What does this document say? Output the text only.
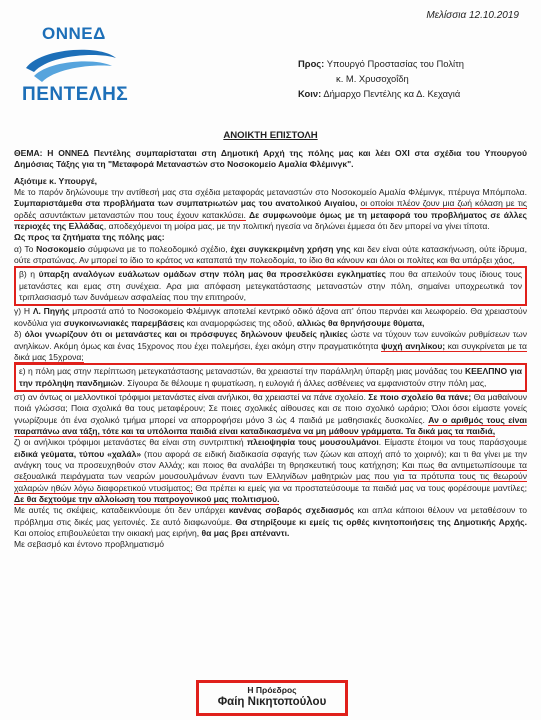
Μελίσσια 12.10.2019
ΟΝΝΕΔ
ΠΕΝΤΕΛΗΣ
Προς: Υπουργό Προστασίας του Πολίτη
κ. Μ. Χρυσοχοΐδη
Κοιν: Δήμαρχο Πεντέλης κα Δ. Κεχαγιά
ΑΝΟΙΚΤΗ ΕΠΙΣΤΟΛΗ

ΘΕΜΑ: Η ΟΝΝΕΔ Πεντέλης συμπαρίσταται στη Δημοτική Αρχή της πόλης μας και λέει ΟΧΙ στα σχέδια του Υπουργού Δημόσιας Τάξης για τη "Μεταφορά Μεταναστών στο Νοσοκομείο Αμαλία Φλέμινγκ".

Αξιότιμε κ. Υπουργέ,

Με το παρόν δηλώνουμε την αντίθεσή μας στα σχέδια μεταφοράς μεταναστών στο Νοσοκομείο Αμαλία Φλέμινγκ, πτέρυγα Μπόμπολα. Συμπαριστάμεθα στα προβλήματα των συμπατριωτών μας του ανατολικού Αιγαίου, οι οποίοι πλέον ζουν μια ζωή κόλαση με τις ορδές ασυντάκτων μεταναστών που τους έχουν κατακλύσει. Δε συμφωνούμε όμως με τη μεταφορά του προβλήματος σε άλλες περιοχές της Ελλάδας, αποδεχόμενοι τη μοίρα μας, με την πολιτική ηγεσία να δηλώνει έμμεσα ότι δεν μπορεί να γίνει τίποτα.

Ως προς τα ζητήματα της πόλης μας:

α) Το Νοσοκομείο σύμφωνα με το πολεοδομικό σχέδιο, έχει συγκεκριμένη χρήση γης και δεν είναι ούτε κατασκήνωση, ούτε ίδρυμα, ούτε στρατώνας. Αν μπορεί το ίδιο το κράτος να καταπατά την πολεοδομία, το ίδιο θα κάνουν και όλοι οι πολίτες και θα υπάρξει χάος,

β) η ύπαρξη αναλόγων ευάλωτων ομάδων στην πόλη μας θα προσελκύσει εγκληματίες που θα απειλούν τους ίδιους τους μετανάστες και εμας στη συνέχεια. Αρα μια απόφαση μετεγκατάστασης μεταναστών στην πόλη, σημαίνει υποχρεωτικά τον τριπλασιασμό των δυνάμεων ασφαλείας που την επιτηρούν,

γ) Η Λ. Πηγής μπροστά από το Νοσοκομείο Φλέμινγκ αποτελεί κεντρικό οδικό άξονα απ' όπου περνάει και λεωφορείο. Θα χρειαστούν κονδύλια για συγκοινωνιακές παρεμβάσεις και αναμορφώσεις της οδού, αλλιώς θα θρηνήσουμε θύματα,

δ) όλοι γνωρίζουν ότι οι μετανάστες και οι πρόσφυγες δηλώνουν ψευδείς ηλικίες ώστε να τύχουν των ευνοϊκών ρυθμίσεων των ανηλίκων. Ακόμη όμως και ένας 15χρονος που έχει πολεμήσει, έχει ακόμη στην πραγματικότητα ψυχή ανηλίκου; και συγκρίνεται με τα δικά μας 15χρονα;

ε) η πόλη μας στην περίπτωση μετεγκατάστασης μεταναστών, θα χρειαστεί την παράλληλη ύπαρξη μιας μονάδας του ΚΕΕΛΠΝΟ για την πρόληψη πανδημιών. Σίγουρα δε θέλουμε η φυματίωση, η ευλογιά ή άλλες ασθένειες να εμφανιστούν στην πόλη μας,

στ) αν όντως οι μελλοντικοί τρόφιμοι μετανάστες είναι ανήλικοι, θα χρειαστεί να πάνε σχολείο. Σε ποιο σχολείο θα πάνε; Θα μαθαίνουν ποιά γλώσσα; Ποια σχολικά θα τους μεταφέρουν; Σε ποιες σχολικές αίθουσες και σε ποιο σχολικό ωράριο; Όλοι όσοι είμαστε γονείς γνωρίζουμε ότι ένα σχολικό τμήμα μπορεί να απορροφήσει μόνο 3 ώς 4 παιδιά με μαθησιακές δυσκολίες. Αν ο αριθμός τους είναι παραπάνω ανα τάξη, τότε και τα υπόλοιπα παιδιά είναι καταδικασμένα να μη μάθουν γράμματα. Τα δικά μας τα παιδιά,

ζ) οι ανήλικοι τρόφιμοι μετανάστες θα είναι στη συντριπτική πλειοψηφία τους μουσουλμάνοι. Είμαστε έτοιμοι να τους παράσχουμε ειδικά γεύματα, τύπου «χαλάλ» (που αφορά σε ειδική διαδικασία σφαγής των ζώων και αποχή από το χοιρινό); και τι θα γίνει με την ανάγκη τους να προσευχηθούν στον Αλλάχ; και ποιος θα αναλάβει τη θρησκευτική τους κατήχηση; Και πως θα αντιμετωπίσουμε τα σεξουαλικά πειράγματα των νεαρών μουσουλμάνων έναντι των Ελληνίδων μαθητριών μας που για τα πρότυπα τους τις θεωρούν χαλαρών ηθών λόγω διαφορετικού ντυσίματος; Θα πρέπει κι εμείς για να προστατεύσουμε τα παιδιά μας να τους φορέσουμε μαντίλες; Δε θα δεχτούμε την αλλοίωση του πατρογονικού μας πολιτισμού.

Με αυτές τις σκέψεις, καταδεικνύουμε ότι δεν υπάρχει κανένας σοβαρός σχεδιασμός και απλα κάποιοι θέλουν να μεταθέσουν το πρόβλημα στις δικές μας γειτονιές. Σε αυτό διαφωνούμε. Θα στηρίξουμε κι εμείς τις ορθές κινητοποιήσεις της Δημοτικής Αρχής. Και οποίος επιβουλεύεται την οικιακή μας ειρήνη, θα μας βρει απέναντι.

Με σεβασμό και έντονο προβληματισμό

Η Πρόεδρος
Φαίη Νικητοπούλου
